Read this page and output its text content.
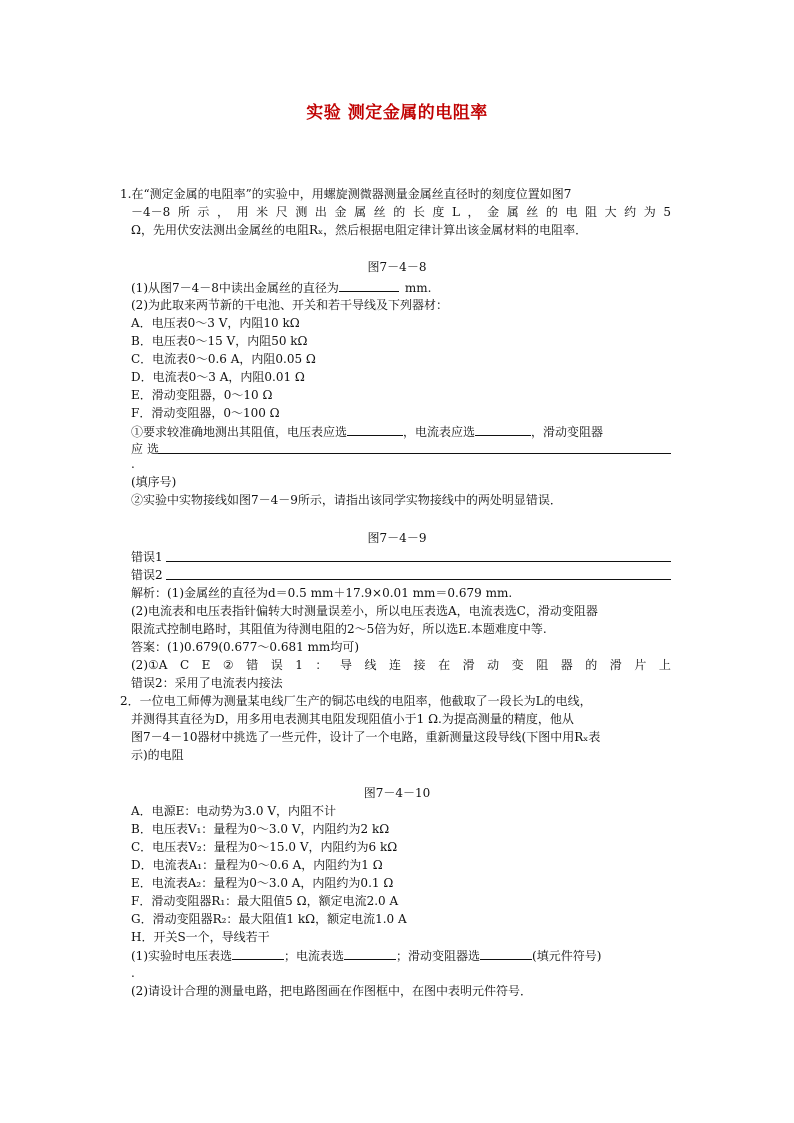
实验 测定金属的电阻率
1.在“测定金属的电阻率”的实验中，用螺旋测微器测量金属丝直径时的刻度位置如图7
－4－8所示，用米尺测出金属丝的长度L，金属丝的电阻大约为5
Ω，先用伏安法测出金属丝的电阻Rₓ，然后根据电阻定律计算出该金属材料的电阻率．
图7－4－8
(1)从图7－4－8中读出金属丝的直径为	mm.
(2)为此取来两节新的干电池、开关和若干导线及下列器材：
A．电压表0～3 V，内阻10 kΩ
B．电压表0～15 V，内阻50 kΩ
C．电流表0～0.6 A，内阻0.05 Ω
D．电流表0～3 A，内阻0.01 Ω
E．滑动变阻器，0～10 Ω
F．滑动变阻器，0～100 Ω
①要求较准确地测出其阻值，电压表应选	，电流表应选	，滑动变阻器
应选
.
(填序号)
②实验中实物接线如图7－4－9所示，请指出该同学实物接线中的两处明显错误．
图7－4－9
错误1
错误2
解析：(1)金属丝的直径为d＝0.5 mm＋17.9×0.01 mm＝0.679 mm.
(2)电流表和电压表指针偏转大时测量误差小，所以电压表选A，电流表选C，滑动变阻器
限流式控制电路时，其阻值为待测电阻的2～5倍为好，所以选E.本题难度中等.
答案：(1)0.679(0.677～0.681 mm均可)
(2)①A C E ② 错 误 1 ： 导 线 连 接 在 滑 动 变 阻 器 的 滑 片 上
错误2：采用了电流表内接法
2．一位电工师傅为测量某电线厂生产的铜芯电线的电阻率，他截取了一段长为L的电线，
并测得其直径为D，用多用电表测其电阻发现阻值小于1 Ω.为提高测量的精度，他从
图7－4－10器材中挑选了一些元件，设计了一个电路，重新测量这段导线(下图中用Rₓ表
示)的电阻
图7－4－10
A．电源E：电动势为3.0 V，内阻不计
B．电压表V₁：量程为0～3.0 V，内阻约为2 kΩ
C．电压表V₂：量程为0～15.0 V，内阻约为6 kΩ
D．电流表A₁：量程为0～0.6 A，内阻约为1 Ω
E．电流表A₂：量程为0～3.0 A，内阻约为0.1 Ω
F．滑动变阻器R₁：最大阻值5 Ω，额定电流2.0 A
G．滑动变阻器R₂：最大阻值1 kΩ，额定电流1.0 A
H．开关S一个，导线若干
(1)实验时电压表选	；电流表选	；滑动变阻器选	(填元件符号)
.
(2)请设计合理的测量电路，把电路图画在作图框中，在图中表明元件符号．
